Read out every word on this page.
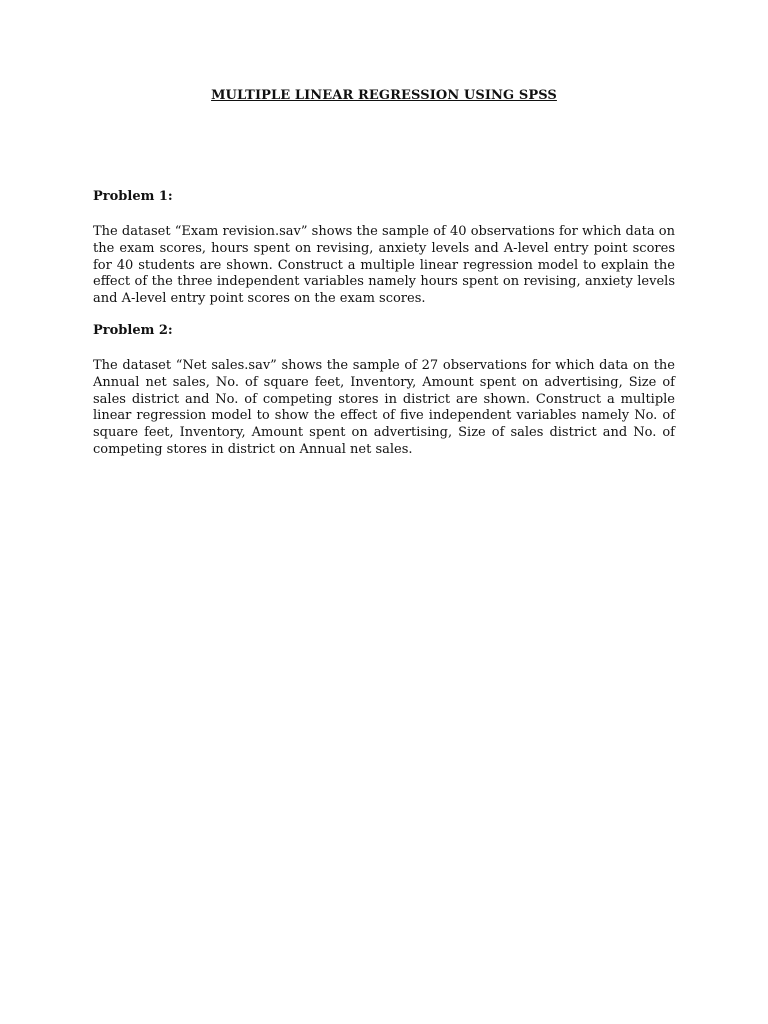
MULTIPLE LINEAR REGRESSION USING SPSS

Problem 1:

The dataset “Exam revision.sav” shows the sample of 40 observations for which data on the exam scores, hours spent on revising, anxiety levels and A-level entry point scores for 40 students are shown. Construct a multiple linear regression model to explain the effect of the three independent variables namely hours spent on revising, anxiety levels and A-level entry point scores on the exam scores.

Problem 2:

The dataset “Net sales.sav” shows the sample of 27 observations for which data on the Annual net sales, No. of square feet, Inventory, Amount spent on advertising, Size of sales district and No. of competing stores in district are shown. Construct a multiple linear regression model to show the effect of five independent variables namely No. of square feet, Inventory, Amount spent on advertising, Size of sales district and No. of competing stores in district on Annual net sales.
